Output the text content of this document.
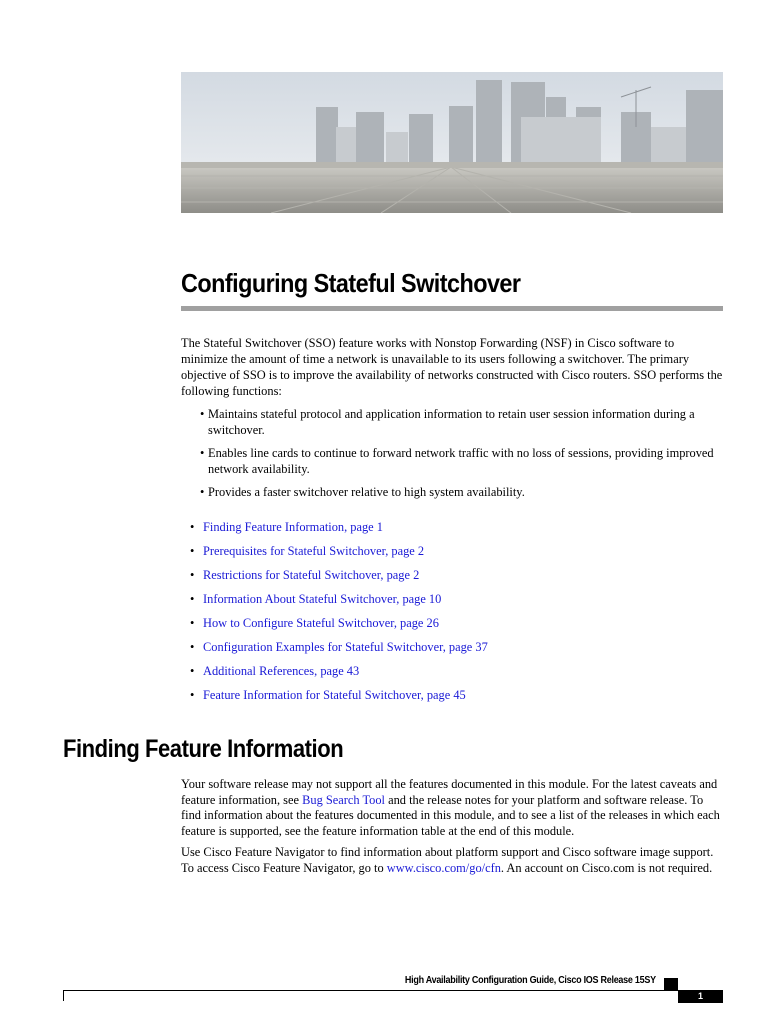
Configuring Stateful Switchover

The Stateful Switchover (SSO) feature works with Nonstop Forwarding (NSF) in Cisco software to minimize the amount of time a network is unavailable to its users following a switchover. The primary objective of SSO is to improve the availability of networks constructed with Cisco routers. SSO performs the following functions:

• Maintains stateful protocol and application information to retain user session information during a switchover.
• Enables line cards to continue to forward network traffic with no loss of sessions, providing improved network availability.
• Provides a faster switchover relative to high system availability.
• Finding Feature Information, page 1
• Prerequisites for Stateful Switchover, page 2
• Restrictions for Stateful Switchover, page 2
• Information About Stateful Switchover, page 10
• How to Configure Stateful Switchover, page 26
• Configuration Examples for Stateful Switchover, page 37
• Additional References, page 43
• Feature Information for Stateful Switchover, page 45
Finding Feature Information

Your software release may not support all the features documented in this module. For the latest caveats and feature information, see Bug Search Tool and the release notes for your platform and software release. To find information about the features documented in this module, and to see a list of the releases in which each feature is supported, see the feature information table at the end of this module.

Use Cisco Feature Navigator to find information about platform support and Cisco software image support. To access Cisco Feature Navigator, go to www.cisco.com/go/cfn. An account on Cisco.com is not required.

High Availability Configuration Guide, Cisco IOS Release 15SY
1
